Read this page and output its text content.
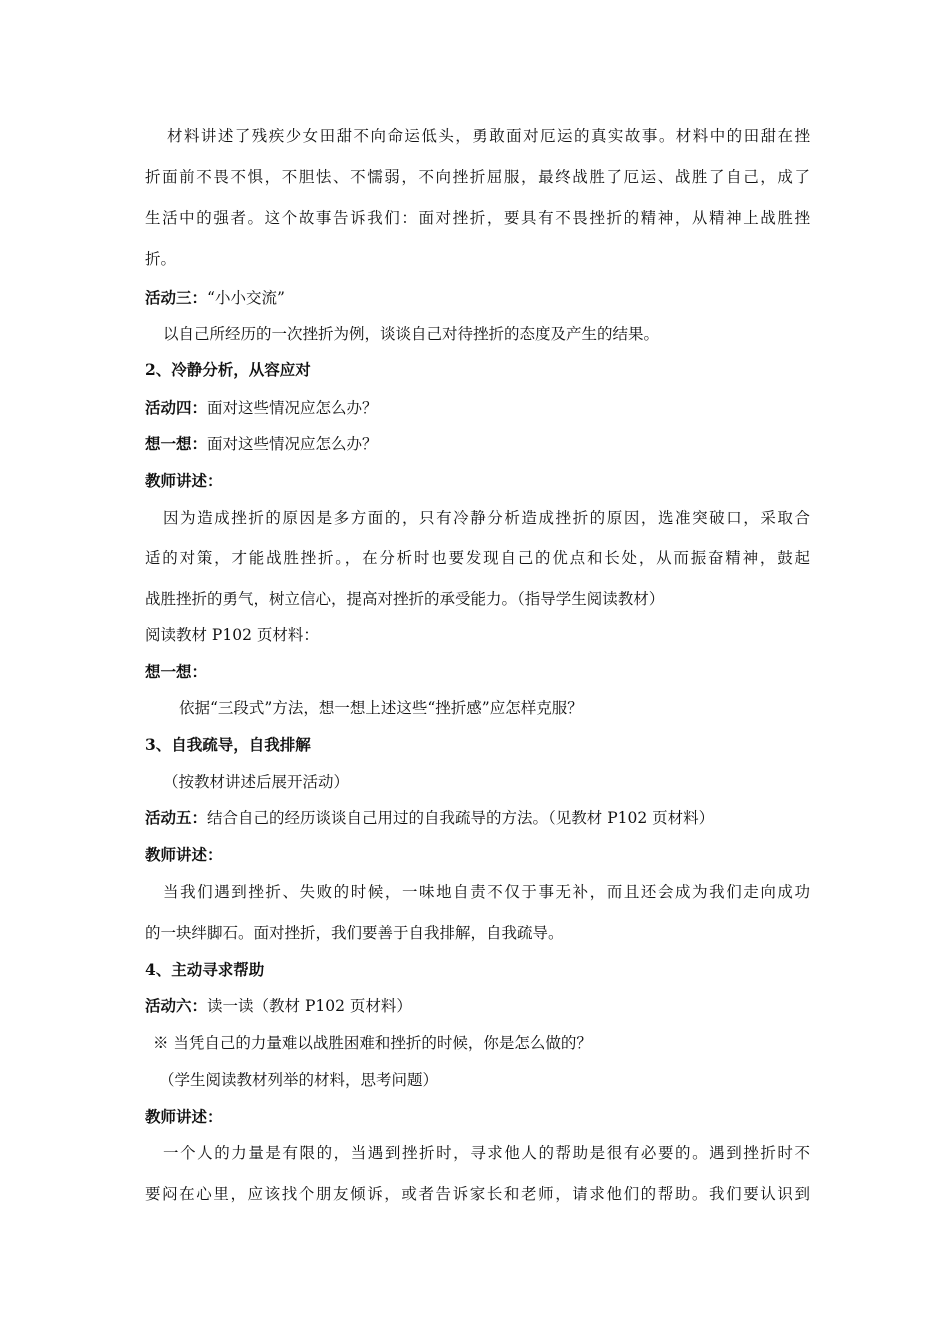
材料讲述了残疾少女田甜不向命运低头，勇敢面对厄运的真实故事。材料中的田甜在挫
折面前不畏不惧，不胆怯、不懦弱，不向挫折屈服，最终战胜了厄运、战胜了自己，成了
生活中的强者。这个故事告诉我们：面对挫折，要具有不畏挫折的精神，从精神上战胜挫
折。
活动三：“小小交流”
以自己所经历的一次挫折为例，谈谈自己对待挫折的态度及产生的结果。
2、冷静分析，从容应对
活动四：面对这些情况应怎么办？
想一想：面对这些情况应怎么办？
教师讲述：
因为造成挫折的原因是多方面的，只有冷静分析造成挫折的原因，选准突破口，采取合
适的对策，才能战胜挫折。，在分析时也要发现自己的优点和长处，从而振奋精神，鼓起
战胜挫折的勇气，树立信心，提高对挫折的承受能力。（指导学生阅读教材）
阅读教材 P102 页材料：
想一想：
依据“三段式”方法，想一想上述这些“挫折感”应怎样克服？
3、自我疏导，自我排解
（按教材讲述后展开活动）
活动五：结合自己的经历谈谈自己用过的自我疏导的方法。（见教材 P102 页材料）
教师讲述：
当我们遇到挫折、失败的时候，一味地自责不仅于事无补，而且还会成为我们走向成功
的一块绊脚石。面对挫折，我们要善于自我排解，自我疏导。
4、主动寻求帮助
活动六：读一读（教材 P102 页材料）
※ 当凭自己的力量难以战胜困难和挫折的时候，你是怎么做的？
（学生阅读教材列举的材料，思考问题）
教师讲述：
一个人的力量是有限的，当遇到挫折时，寻求他人的帮助是很有必要的。遇到挫折时不
要闷在心里，应该找个朋友倾诉，或者告诉家长和老师，请求他们的帮助。我们要认识到
